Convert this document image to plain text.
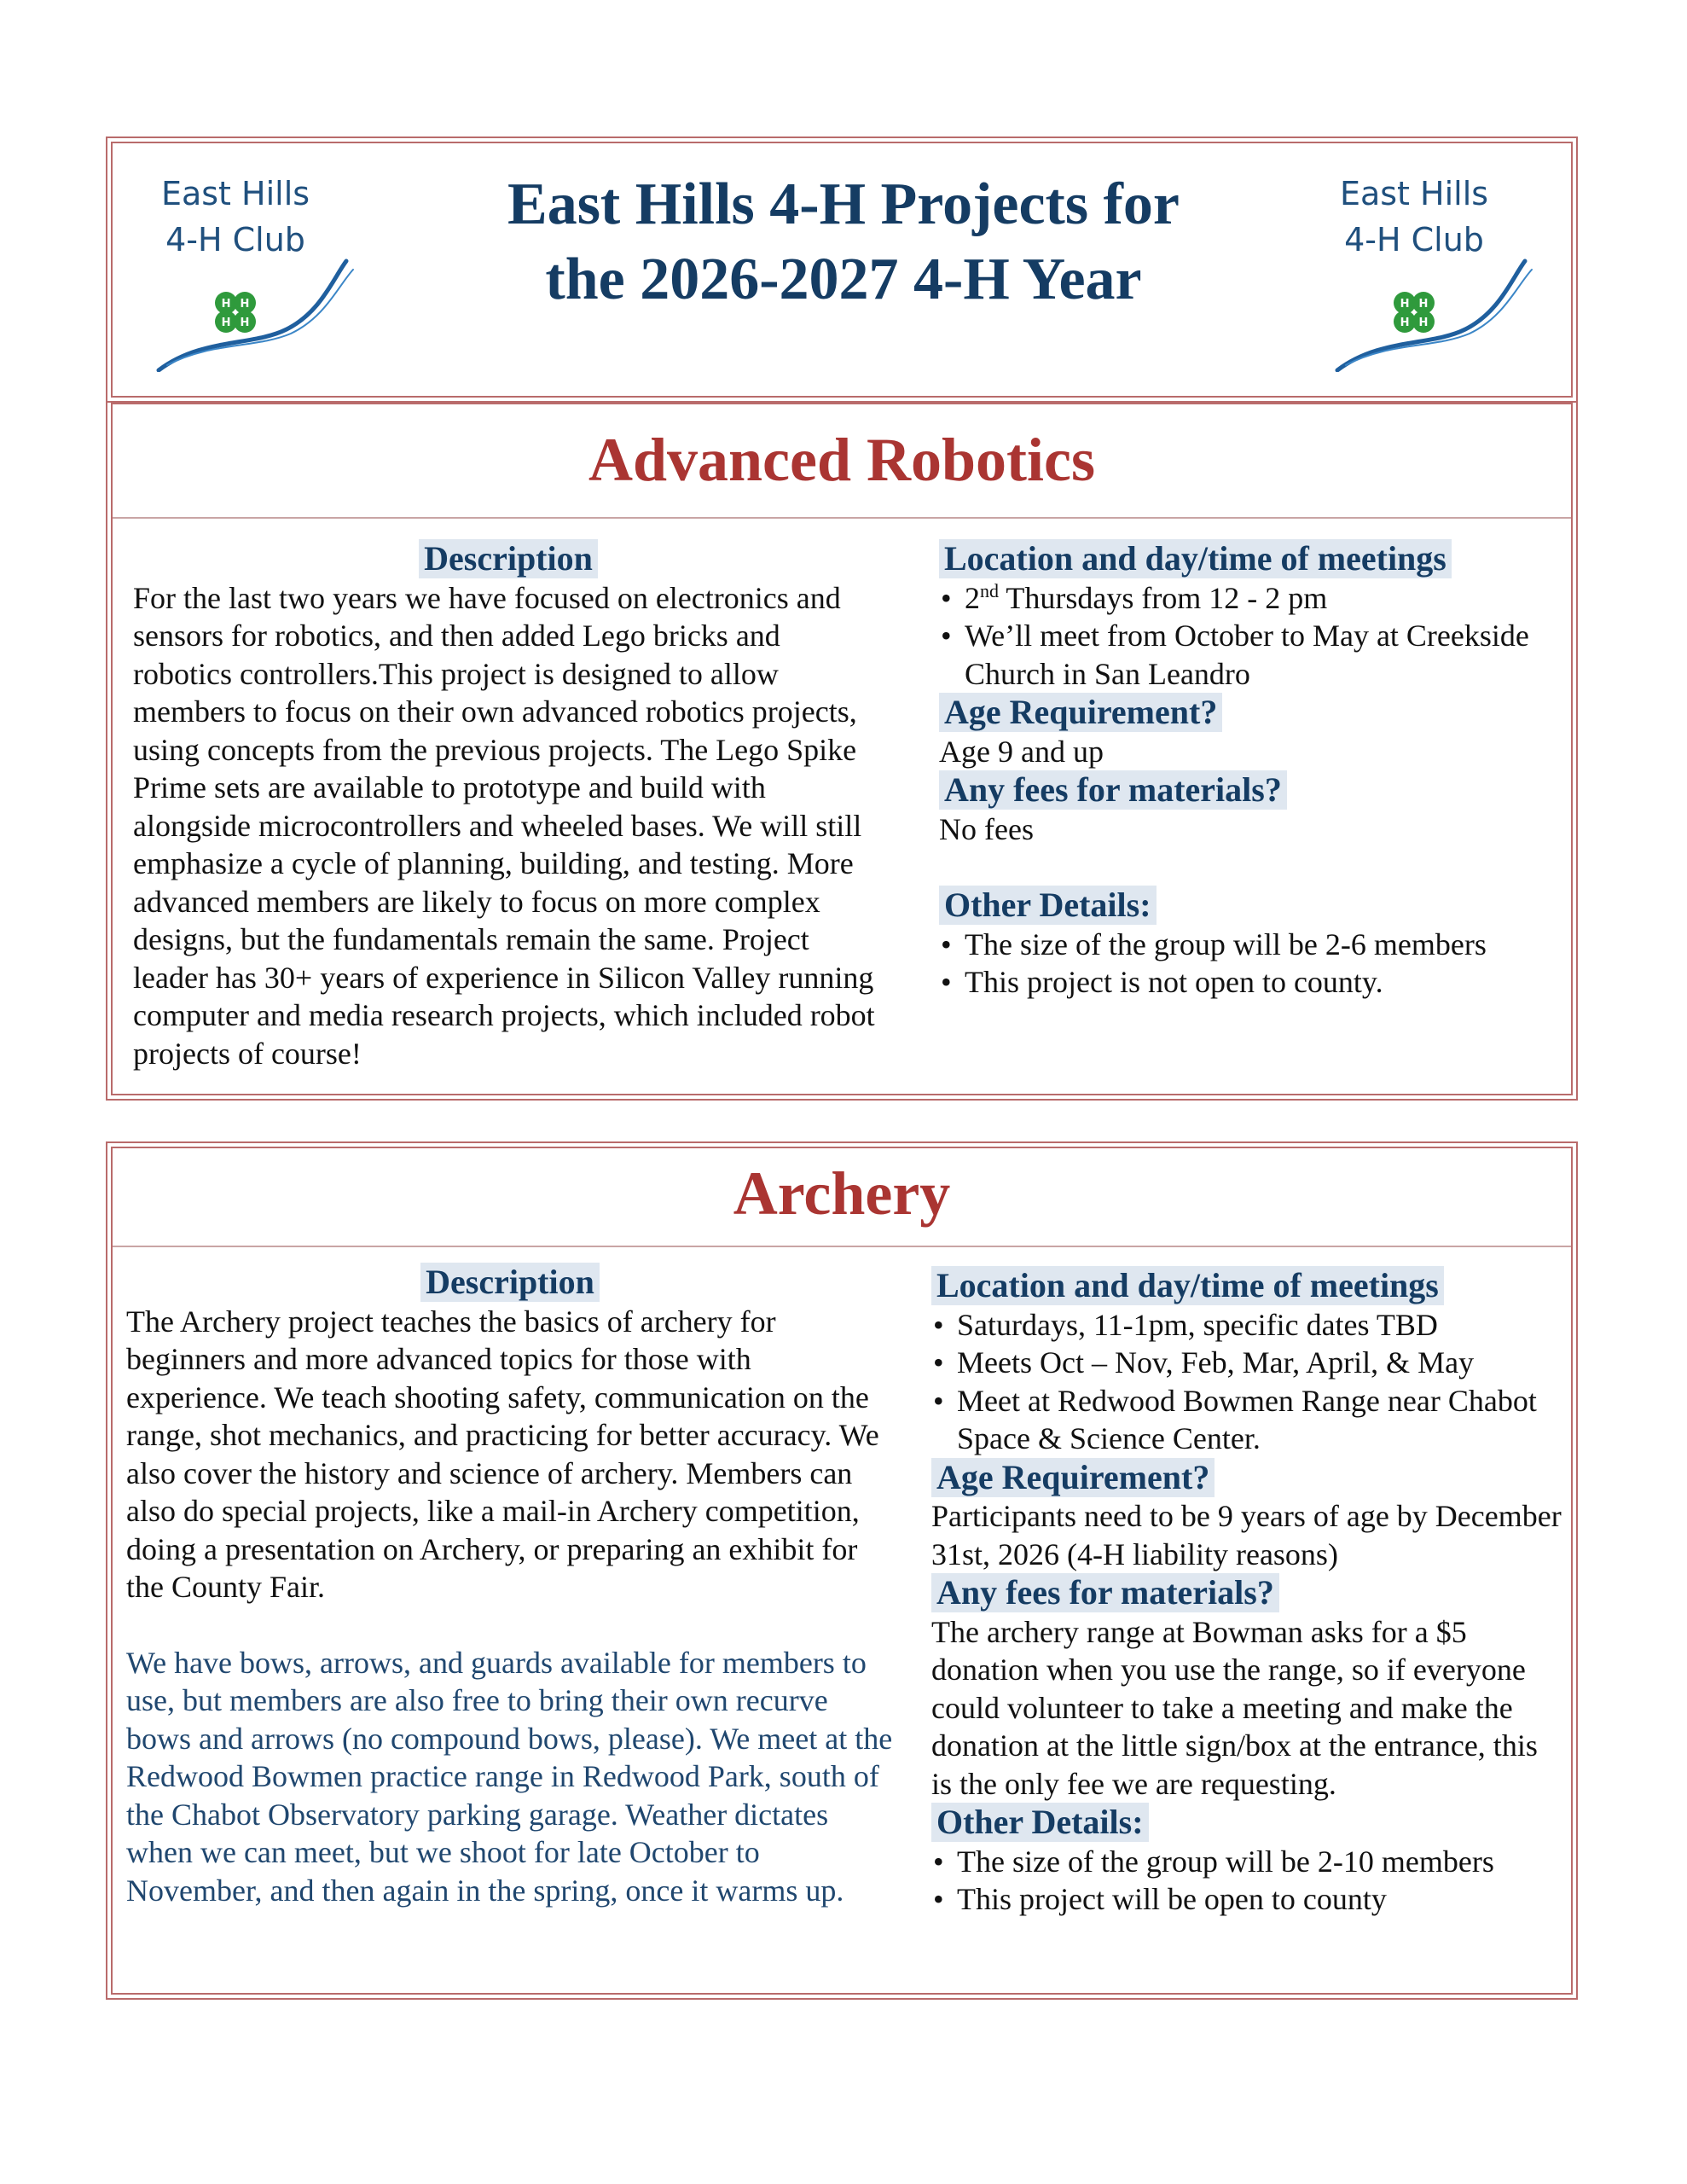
East Hills
4-H Club
H H
H H
East Hills 4-H Projects for
the 2026-2027 4-H Year
East Hills
4-H Club
H H
H H
Advanced Robotics
Description

For the last two years we have focused on electronics and sensors for robotics, and then added Lego bricks and robotics controllers.This project is designed to allow members to focus on their own advanced robotics projects, using concepts from the previous projects. The Lego Spike Prime sets are available to prototype and build with alongside microcontrollers and wheeled bases. We will still emphasize a cycle of planning, building, and testing. More advanced members are likely to focus on more complex designs, but the fundamentals remain the same. Project leader has 30+ years of experience in Silicon Valley running computer and media research projects, which included robot projects of course!

Location and day/time of meetings
• 2nd Thursdays from 12 - 2 pm
• We’ll meet from October to May at Creekside Church in San Leandro
Age Requirement?
Age 9 and up
Any fees for materials?
No fees
Other Details:
• The size of the group will be 2-6 members
• This project is not open to county.
Archery
Description

The Archery project teaches the basics of archery for beginners and more advanced topics for those with experience. We teach shooting safety, communication on the range, shot mechanics, and practicing for better accuracy. We also cover the history and science of archery. Members can also do special projects, like a mail-in Archery competition, doing a presentation on Archery, or preparing an exhibit for the County Fair.

We have bows, arrows, and guards available for members to use, but members are also free to bring their own recurve bows and arrows (no compound bows, please). We meet at the Redwood Bowmen practice range in Redwood Park, south of the Chabot Observatory parking garage. Weather dictates when we can meet, but we shoot for late October to November, and then again in the spring, once it warms up.

Location and day/time of meetings
• Saturdays, 11-1pm, specific dates TBD
• Meets Oct – Nov, Feb, Mar, April, & May
• Meet at Redwood Bowmen Range near Chabot Space & Science Center.
Age Requirement?
Participants need to be 9 years of age by December 31st, 2026 (4-H liability reasons)
Any fees for materials?
The archery range at Bowman asks for a $5 donation when you use the range, so if everyone could volunteer to take a meeting and make the donation at the little sign/box at the entrance, this is the only fee we are requesting.
Other Details:
• The size of the group will be 2-10 members
• This project will be open to county
